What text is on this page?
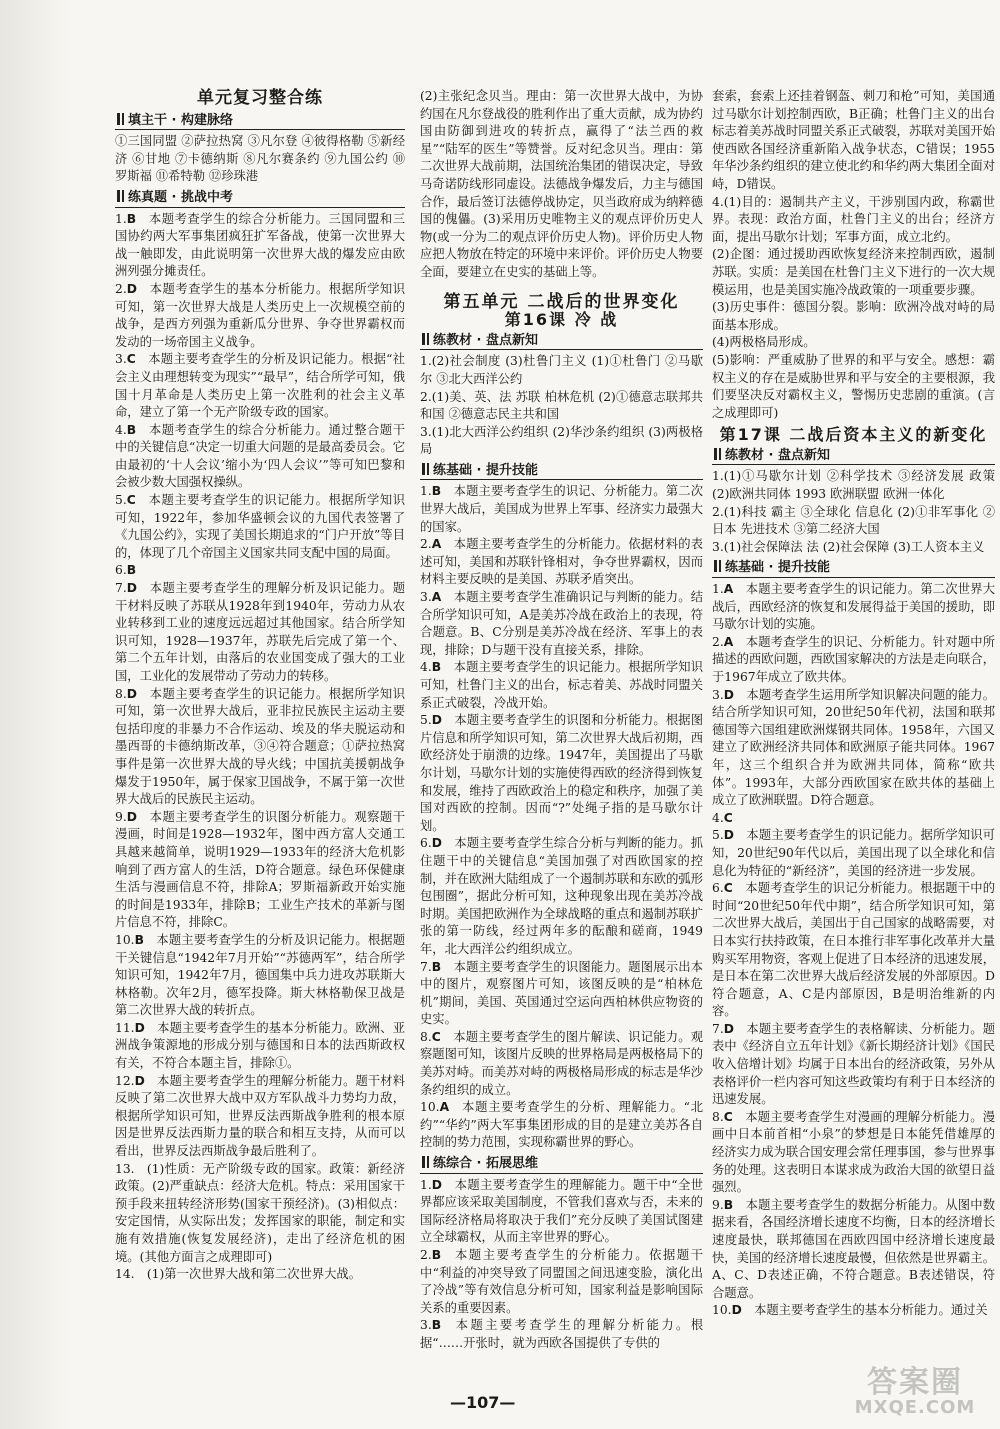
单元复习整合练
填主干 · 构建脉络

①三国同盟 ②萨拉热窝 ③凡尔登 ④彼得格勒 ⑤新经济 ⑥甘地 ⑦卡德纳斯 ⑧凡尔赛条约 ⑨九国公约 ⑩罗斯福 ⑪希特勒 ⑫珍珠港

练真题 · 挑战中考

1.B  本题考查学生的综合分析能力。三国同盟和三国协约两大军事集团疯狂扩军备战，使第一次世界大战一触即发，由此说明第一次世界大战的爆发应由欧洲列强分摊责任。

2.D  本题考查学生的基本分析能力。根据所学知识可知，第一次世界大战是人类历史上一次规模空前的战争，是西方列强为重新瓜分世界、争夺世界霸权而发动的一场帝国主义战争。

3.C  本题主要考查学生的分析及识记能力。根据“社会主义由理想转变为现实”“最早”，结合所学可知，俄国十月革命是人类历史上第一次胜利的社会主义革命，建立了第一个无产阶级专政的国家。

4.B  本题考查学生的综合分析能力。通过整合题干中的关键信息“决定一切重大问题的是最高委员会。它由最初的‘十人会议’缩小为‘四人会议’”等可知巴黎和会被少数大国强权操纵。

5.C  本题主要考查学生的识记能力。根据所学知识可知，1922年，参加华盛顿会议的九国代表签署了《九国公约》，实现了美国长期追求的“门户开放”等目的，体现了几个帝国主义国家共同支配中国的局面。

6.B 

7.D  本题主要考查学生的理解分析及识记能力。题干材料反映了苏联从1928年到1940年，劳动力从农业转移到工业的速度远远超过其他国家。结合所学知识可知，1928—1937年，苏联先后完成了第一个、第二个五年计划，由落后的农业国变成了强大的工业国，工业化的发展带动了劳动力的转移。

8.D  本题主要考查学生的识记能力。根据所学知识可知，第一次世界大战后，亚非拉民族民主运动主要包括印度的非暴力不合作运动、埃及的华夫脱运动和墨西哥的卡德纳斯改革，③④符合题意；①萨拉热窝事件是第一次世界大战的导火线；中国抗美援朝战争爆发于1950年，属于保家卫国战争，不属于第一次世界大战后的民族民主运动。

9.D  本题主要考查学生的识图分析能力。观察题干漫画，时间是1928—1932年，图中西方富人交通工具越来越简单，说明1929—1933年的经济大危机影响到了西方富人的生活，D符合题意。绿色环保健康生活与漫画信息不符，排除A；罗斯福新政开始实施的时间是1933年，排除B；工业生产技术的革新与图片信息不符，排除C。

10.B  本题主要考查学生的分析及识记能力。根据题干关键信息“1942年7月开始”“苏德两军”，结合所学知识可知，1942年7月，德国集中兵力进攻苏联斯大林格勒。次年2月，德军投降。斯大林格勒保卫战是第二次世界大战的转折点。

11.D  本题主要考查学生的基本分析能力。欧洲、亚洲战争策源地的形成分别与德国和日本的法西斯政权有关，不符合本题主旨，排除①。

12.D  本题主要考查学生的理解分析能力。题干材料反映了第二次世界大战中双方军队战斗力势均力敌，根据所学知识可知，世界反法西斯战争胜利的根本原因是世界反法西斯力量的联合和相互支持，从而可以看出，世界反法西斯战争最后胜利了。

13.  (1)性质：无产阶级专政的国家。政策：新经济政策。(2)严重缺点：经济大危机。特点：采用国家干预手段来扭转经济形势(国家干预经济)。(3)相似点：安定国情，从实际出发；发挥国家的职能，制定和实施有效措施(恢复发展经济)，走出了经济危机的困境。(其他方面言之成理即可)

14.  (1)第一次世界大战和第二次世界大战。

(2)主张纪念贝当。理由：第一次世界大战中，为协约国在凡尔登战役的胜利作出了重大贡献，成为协约国由防御到进攻的转折点，赢得了“法兰西的救星”“陆军的医生”等赞誉。反对纪念贝当。理由：第二次世界大战前期，法国统治集团的错误决定，导致马奇诺防线形同虚设。法德战争爆发后，力主与德国合作，最后签订法德停战协定，贝当政府成为纳粹德国的傀儡。(3)采用历史唯物主义的观点评价历史人物(或一分为二的观点评价历史人物)。评价历史人物应把人物放在特定的环境中来评价。评价历史人物要全面，要建立在史实的基础上等。

第五单元 二战后的世界变化
第16课 冷 战
练教材 · 盘点新知

1.(2)社会制度 (3)杜鲁门主义 (1)①杜鲁门 ②马歇尔 ③北大西洋公约

2.(1)美、英、法 苏联 柏林危机 (2)①德意志联邦共和国 ②德意志民主共和国

3.(1)北大西洋公约组织 (2)华沙条约组织 (3)两极格局

练基础 · 提升技能

1.B  本题主要考查学生的识记、分析能力。第二次世界大战后，美国成为世界上军事、经济实力最强大的国家。

2.A  本题主要考查学生的分析能力。依据材料的表述可知，美国和苏联针锋相对，争夺世界霸权，因而材料主要反映的是美国、苏联矛盾突出。

3.A  本题主要考查学生准确识记与判断的能力。结合所学知识可知，A是美苏冷战在政治上的表现，符合题意。B、C分别是美苏冷战在经济、军事上的表现，排除；D与题干没有直接关系，排除。

4.B  本题主要考查学生的识记能力。根据所学知识可知，杜鲁门主义的出台，标志着美、苏战时同盟关系正式破裂，冷战开始。

5.D  本题主要考查学生的识图和分析能力。根据图片信息和所学知识可知，第二次世界大战后初期，西欧经济处于崩溃的边缘。1947年，美国提出了马歇尔计划，马歇尔计划的实施使得西欧的经济得到恢复和发展，维持了西欧政治上的稳定和秩序，加强了美国对西欧的控制。因而“?”处绳子指的是马歇尔计划。

6.D  本题主要考查学生综合分析与判断的能力。抓住题干中的关键信息“美国加强了对西欧国家的控制，并在欧洲大陆组成了一个遏制苏联和东欧的弧形包围圈”，据此分析可知，这种现象出现在美苏冷战时期。美国把欧洲作为全球战略的重点和遏制苏联扩张的第一防线，经过两年多的酝酿和磋商，1949年，北大西洋公约组织成立。

7.B  本题主要考查学生的识图能力。题图展示出本中的图片，观察图片可知，该图反映的是“柏林危机”期间，美国、英国通过空运向西柏林供应物资的史实。

8.C  本题主要考查学生的图片解读、识记能力。观察题图可知，该图片反映的世界格局是两极格局下的美苏对峙。而美苏对峙的两极格局形成的标志是华沙条约组织的成立。

10.A  本题主要考查学生的分析、理解能力。“北约”“华约”两大军事集团形成的目的是建立美苏各自控制的势力范围，实现称霸世界的野心。

练综合 · 拓展思维

1.D  本题主要考查学生的理解能力。题干中“全世界都应该采取美国制度，不管我们喜欢与否，未来的国际经济格局将取决于我们”充分反映了美国试图建立全球霸权，从而主宰世界的野心。

2.B  本题主要考查学生的分析能力。依据题干中“利益的冲突导致了同盟国之间迅速变脸，演化出了冷战”等有效信息分析可知，国家利益是影响国际关系的重要因素。

3.B  本题主要考查学生的理解分析能力。根据“……开张时，就为西欧各国提供了专供的

套索，套索上还挂着钢盔、刺刀和枪”可知，美国通过马歇尔计划控制西欧，B正确；杜鲁门主义的出台标志着美苏战时同盟关系正式破裂，苏联对美国开始使西欧各国经济重新陷入战争状态，C错误；1955年华沙条约组织的建立使北约和华约两大集团全面对峙，D错误。

4.(1)目的：遏制共产主义，干涉别国内政，称霸世界。表现：政治方面，杜鲁门主义的出台；经济方面，提出马歇尔计划；军事方面，成立北约。

(2)企图：通过援助西欧恢复经济来控制西欧，遏制苏联。实质：是美国在杜鲁门主义下进行的一次大规模运用，也是美国实施冷战政策的一项重要步骤。

(3)历史事件：德国分裂。影响：欧洲冷战对峙的局面基本形成。

(4)两极格局形成。

(5)影响：严重威胁了世界的和平与安全。感想：霸权主义的存在是威胁世界和平与安全的主要根源，我们要坚决反对霸权主义，警惕历史悲剧的重演。(言之成理即可)

第17课 二战后资本主义的新变化
练教材 · 盘点新知

1.(1)①马歇尔计划 ②科学技术 ③经济发展 政策 (2)欧洲共同体 1993 欧洲联盟 欧洲一体化

2.(1)科技 霸主 ③全球化 信息化 (2)①非军事化 ②日本 先进技术 ③第二经济大国

3.(1)社会保障法 法 (2)社会保障 (3)工人资本主义

练基础 · 提升技能

1.A  本题主要考查学生的识记能力。第二次世界大战后，西欧经济的恢复和发展得益于美国的援助，即马歇尔计划的实施。

2.A  本题考查学生的识记、分析能力。针对题中所描述的西欧问题，西欧国家解决的方法是走向联合，于1967年成立了欧共体。

3.D  本题考查学生运用所学知识解决问题的能力。结合所学知识可知，20世纪50年代初，法国和联邦德国等六国组建欧洲煤钢共同体。1958年，六国又建立了欧洲经济共同体和欧洲原子能共同体。1967年，这三个组织合并为欧洲共同体，简称“欧共体”。1993年，大部分西欧国家在欧共体的基础上成立了欧洲联盟。D符合题意。

4.C 

5.D  本题主要考查学生的识记能力。据所学知识可知，20世纪90年代以后，美国出现了以全球化和信息化为特征的“新经济”，美国的经济进一步发展。

6.C  本题考查学生的识记分析能力。根据题干中的时间“20世纪50年代中期”，结合所学知识可知，第二次世界大战后，美国出于自己国家的战略需要，对日本实行扶持政策，在日本推行非军事化改革并大量购买军用物资，客观上促进了日本经济的迅速发展，是日本在第二次世界大战后经济发展的外部原因。D符合题意，A、C是内部原因，B是明治维新的内容。

7.D  本题主要考查学生的表格解读、分析能力。题表中《经济自立五年计划》《新长期经济计划》《国民收入倍增计划》均属于日本出台的经济政策，另外从表格评价一栏内容可知这些政策均有利于日本经济的迅速发展。

8.C  本题主要考查学生对漫画的理解分析能力。漫画中日本前首相“小泉”的梦想是日本能凭借雄厚的经济实力成为联合国安理会常任理事国，参与世界事务的处理。这表明日本谋求成为政治大国的欲望日益强烈。

9.B  本题主要考查学生的数据分析能力。从图中数据来看，各国经济增长速度不均衡，日本的经济增长速度最快，联邦德国在西欧四国中经济增长速度最快，美国的经济增长速度最慢，但依然是世界霸主。A、C、D表述正确，不符合题意。B表述错误，符合题意。

10.D  本题主要考查学生的基本分析能力。通过关

—107—
答案圈
MXQE.COM
